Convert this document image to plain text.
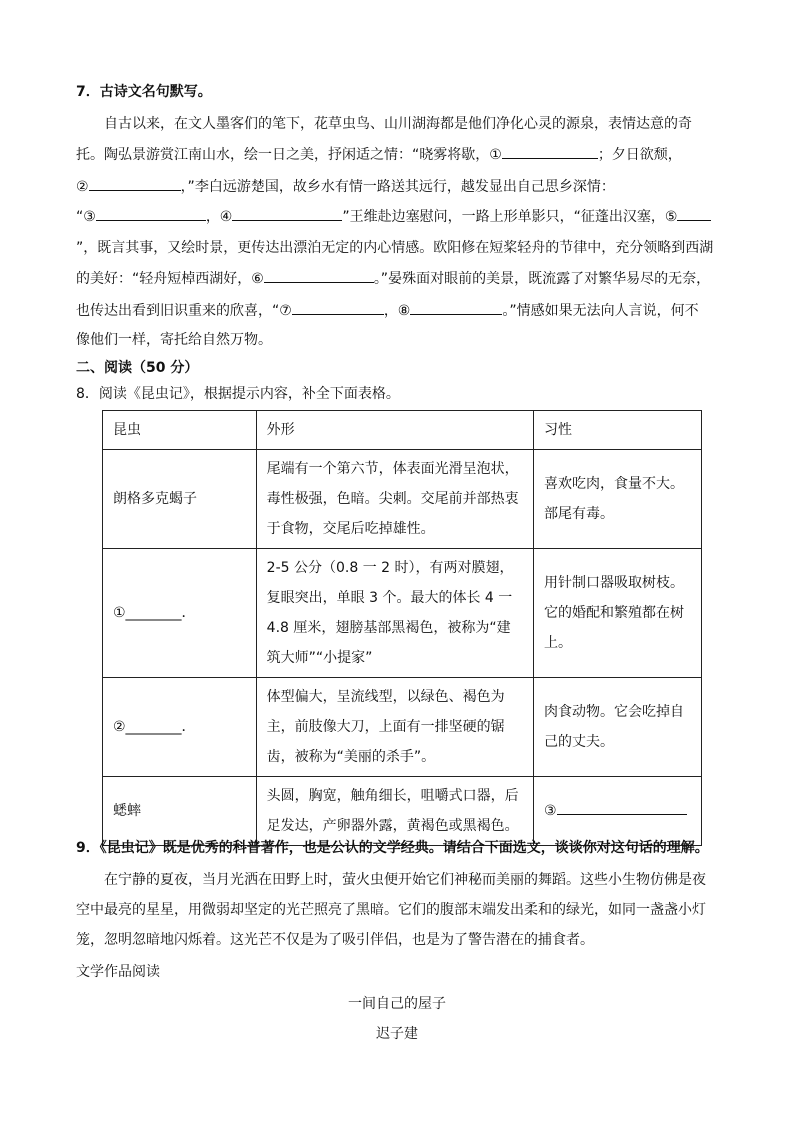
7．古诗文名句默写。
自古以来，在文人墨客们的笔下，花草虫鸟、山川湖海都是他们净化心灵的源泉，表情达意的奇
托。陶弘景游赏江南山水，绘一日之美，抒闲适之情：“晓雾将歇，①	；夕日欲颓，
②	，”李白远游楚国，故乡水有情一路送其远行，越发显出自己思乡深情：
“③	，④	”王维赴边塞慰问，一路上形单影只，“征蓬出汉塞，⑤
”，既言其事，又绘时景，更传达出漂泊无定的内心情感。欧阳修在短桨轻舟的节律中，充分领略到西湖
的美好：“轻舟短棹西湖好，⑥	。”晏殊面对眼前的美景，既流露了对繁华易尽的无奈，
也传达出看到旧识重来的欣喜，“⑦	，⑧	。”情感如果无法向人言说，何不
像他们一样，寄托给自然万物。
二、阅读（50 分）
8．阅读《昆虫记》，根据提示内容，补全下面表格。
昆虫	外形	习性
朗格多克蝎子	尾端有一个第六节，体表面光滑呈泡状，毒性极强，色暗。尖刺。交尾前并部热衷于食物，交尾后吃掉雄性。	喜欢吃肉，食量不大。部尾有毒。
①________．	2-5 公分（0.8 一 2 时），有两对膜翅，复眼突出，单眼 3 个。最大的体长 4 一 4.8 厘米，翅膀基部黑褐色，被称为“建筑大师”“小提家”	用针制口器吸取树枝。它的婚配和繁殖都在树上。
②________．	体型偏大，呈流线型，以绿色、褐色为主，前肢像大刀，上面有一排坚硬的锯齿，被称为“美丽的杀手”。	肉食动物。它会吃掉自己的丈夫。
蟋蟀	头圆，胸宽，触角细长，咀嚼式口器，后足发达，产卵器外露，黄褐色或黑褐色。	③
9．《昆虫记》既是优秀的科普著作，也是公认的文学经典。请结合下面选文，谈谈你对这句话的理解。
在宁静的夏夜，当月光洒在田野上时，萤火虫便开始它们神秘而美丽的舞蹈。这些小生物仿佛是夜
空中最亮的星星，用微弱却坚定的光芒照亮了黑暗。它们的腹部末端发出柔和的绿光，如同一盏盏小灯
笼，忽明忽暗地闪烁着。这光芒不仅是为了吸引伴侣，也是为了警告潜在的捕食者。
文学作品阅读
一间自己的屋子
迟子建
